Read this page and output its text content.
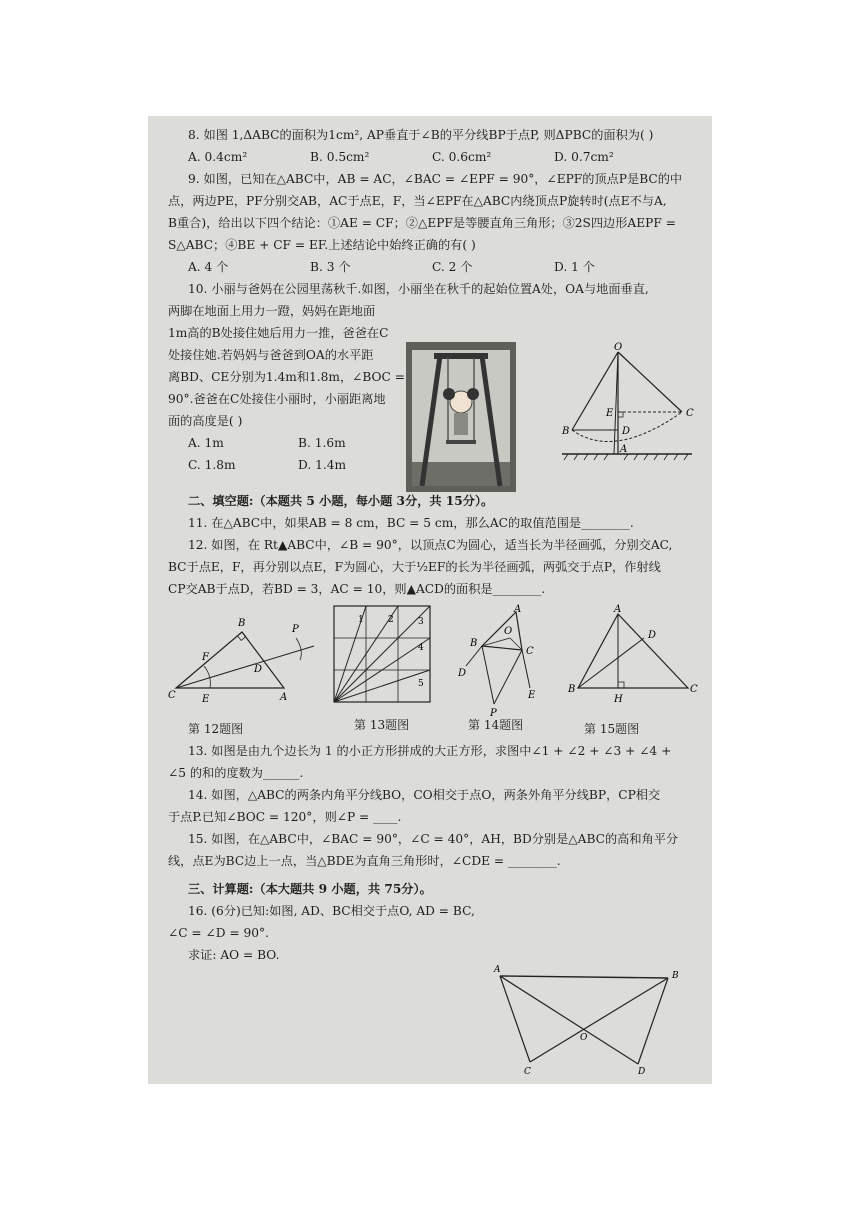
8. 如图 1,ΔABC的面积为1cm², AP垂直于∠B的平分线BP于点P, 则ΔPBC的面积为( )
A. 0.4cm²	B. 0.5cm²	C. 0.6cm²	D. 0.7cm²
9. 如图，已知在△ABC中，AB = AC，∠BAC = ∠EPF = 90°，∠EPF的顶点P是BC的中
点，两边PE，PF分别交AB，AC于点E，F，当∠EPF在△ABC内绕顶点P旋转时(点E不与A,
B重合)，给出以下四个结论：①AE = CF；②△EPF是等腰直角三角形；③2S四边形AEPF =
S△ABC；④BE + CF = EF.上述结论中始终正确的有( )
A. 4 个	B. 3 个	C. 2 个	D. 1 个
10. 小丽与爸妈在公园里荡秋千.如图，小丽坐在秋千的起始位置A处，OA与地面垂直,
两脚在地面上用力一蹬，妈妈在距地面
1m高的B处接住她后用力一推，爸爸在C
处接住她.若妈妈与爸爸到OA的水平距
离BD、CE分别为1.4m和1.8m，∠BOC =
90°.爸爸在C处接住小丽时，小丽距离地
面的高度是( )
A. 1m	B. 1.6m
C. 1.8m	D. 1.4m
O
E	C
B	D
A
二、填空题:（本题共 5 小题，每小题 3分，共 15分）。
11. 在△ABC中，如果AB = 8 cm，BC = 5 cm，那么AC的取值范围是________.
12. 如图，在 Rt▲ABC中，∠B = 90°，以顶点C为圆心，适当长为半径画弧，分别交AC,
BC于点E，F，再分别以点E，F为圆心，大于½EF的长为半径画弧，两弧交于点P，作射线
CP交AB于点D，若BD = 3，AC = 10，则▲ACD的面积是________.
B
F
D
P
C	E	A
1	2	3
4
5
A
O
B
C
D
E
P
A
D
B
H
C
第 12题图	第 13题图	第 14题图	第 15题图
13. 如图是由九个边长为 1 的小正方形拼成的大正方形，求图中∠1 + ∠2 + ∠3 + ∠4 +
∠5 的和的度数为______.
14. 如图，△ABC的两条内角平分线BO，CO相交于点O，两条外角平分线BP，CP相交
于点P.已知∠BOC = 120°，则∠P = ____.
15. 如图，在△ABC中，∠BAC = 90°，∠C = 40°，AH，BD分别是△ABC的高和角平分
线，点E为BC边上一点，当△BDE为直角三角形时，∠CDE = ________.
三、计算题:（本大题共 9 小题，共 75分）。
16. (6分)已知:如图, AD、BC相交于点O, AD = BC,
∠C = ∠D = 90°.
求证: AO = BO.
A
B
O
C	D
